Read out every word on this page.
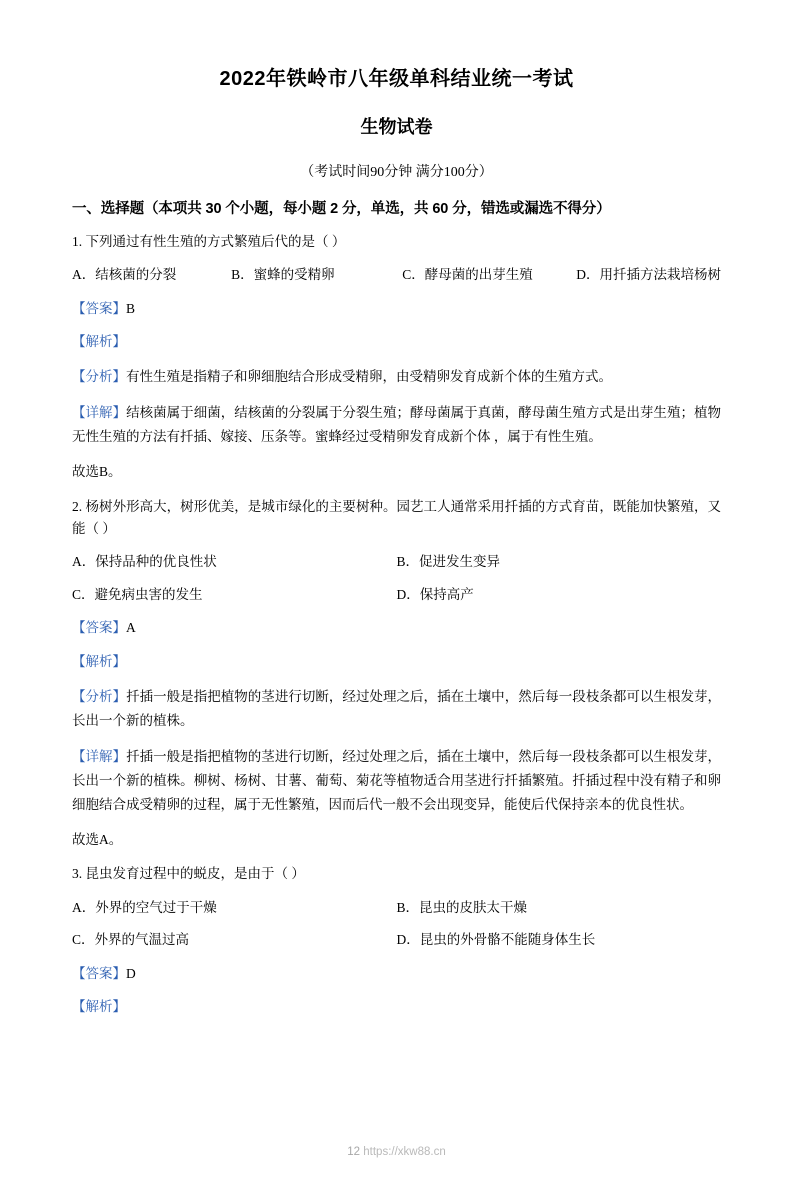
2022年铁岭市八年级单科结业统一考试
生物试卷
（考试时间90分钟 满分100分）
一、选择题（本项共 30 个小题，每小题 2 分，单选，共 60 分，错选或漏选不得分）
1. 下列通过有性生殖的方式繁殖后代的是（ ）
A．结核菌的分裂	B．蜜蜂的受精卵	C．酵母菌的出芽生殖	D．用扦插方法栽培杨树
【答案】B
【解析】
【分析】有性生殖是指精子和卵细胞结合形成受精卵，由受精卵发育成新个体的生殖方式。
【详解】结核菌属于细菌，结核菌的分裂属于分裂生殖；酵母菌属于真菌，酵母菌生殖方式是出芽生殖；植物无性生殖的方法有扦插、嫁接、压条等。蜜蜂经过受精卵发育成新个体 ，属于有性生殖。
故选B。
2. 杨树外形高大，树形优美，是城市绿化的主要树种。园艺工人通常采用扦插的方式育苗，既能加快繁殖，又能（ ）
A．保持品种的优良性状	B．促进发生变异
C．避免病虫害的发生	D．保持高产
【答案】A
【解析】
【分析】扦插一般是指把植物的茎进行切断，经过处理之后，插在土壤中，然后每一段枝条都可以生根发芽，长出一个新的植株。
【详解】扦插一般是指把植物的茎进行切断，经过处理之后，插在土壤中，然后每一段枝条都可以生根发芽，长出一个新的植株。柳树、杨树、甘薯、葡萄、菊花等植物适合用茎进行扦插繁殖。扦插过程中没有精子和卵细胞结合成受精卵的过程，属于无性繁殖，因而后代一般不会出现变异，能使后代保持亲本的优良性状。
故选A。
3. 昆虫发育过程中的蜕皮，是由于（ ）
A．外界的空气过于干燥	B．昆虫的皮肤太干燥
C．外界的气温过高	D．昆虫的外骨骼不能随身体生长
【答案】D
【解析】
12 https://xkw88.cn
